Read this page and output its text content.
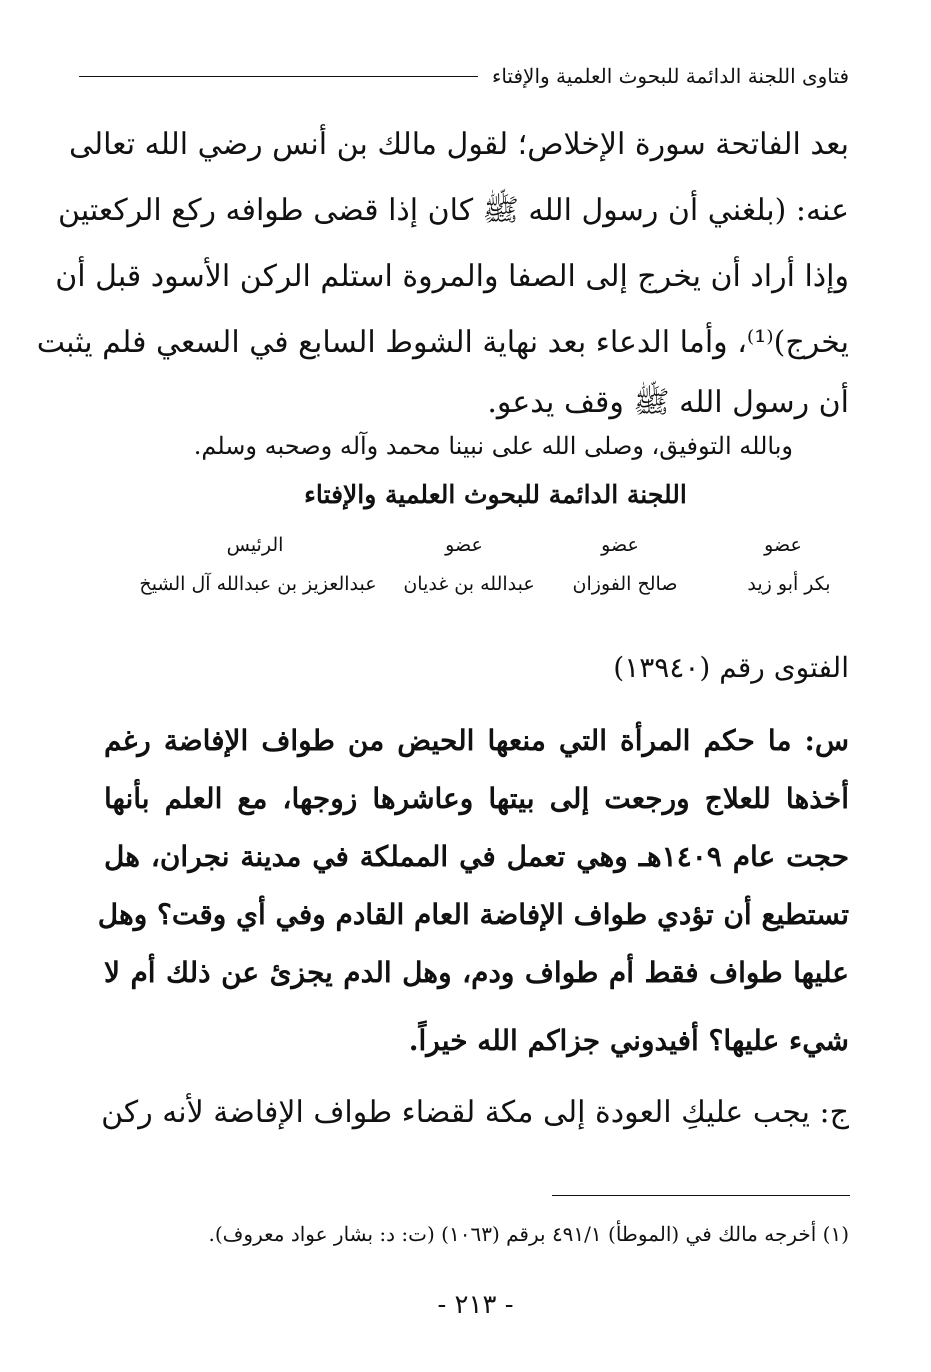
فتاوى اللجنة الدائمة للبحوث العلمية والإفتاء
بعد الفاتحة سورة الإخلاص؛ لقول مالك بن أنس رضي الله تعالى
عنه: (بلغني أن رسول الله ﷺ كان إذا قضى طوافه ركع الركعتين
وإذا أراد أن يخرج إلى الصفا والمروة استلم الركن الأسود قبل أن
يخرج)⁽¹⁾، وأما الدعاء بعد نهاية الشوط السابع في السعي فلم يثبت
أن رسول الله ﷺ وقف يدعو.
وبالله التوفيق، وصلى الله على نبينا محمد وآله وصحبه وسلم.
اللجنة الدائمة للبحوث العلمية والإفتاء
عضو
بكر أبو زيد
عضو
صالح الفوزان
عضو
عبدالله بن غديان
الرئيس
عبدالعزيز بن عبدالله آل الشيخ
الفتوى رقم (١٣٩٤٠)
س: ما حكم المرأة التي منعها الحيض من طواف الإفاضة رغم
أخذها للعلاج ورجعت إلى بيتها وعاشرها زوجها، مع العلم بأنها
حجت عام ١٤٠٩هـ وهي تعمل في المملكة في مدينة نجران، هل
تستطيع أن تؤدي طواف الإفاضة العام القادم وفي أي وقت؟ وهل
عليها طواف فقط أم طواف ودم، وهل الدم يجزئ عن ذلك أم لا
شيء عليها؟ أفيدوني جزاكم الله خيراً.
ج: يجب عليكِ العودة إلى مكة لقضاء طواف الإفاضة لأنه ركن
(١) أخرجه مالك في (الموطأ) ٤٩١/١ برقم (١٠٦٣) (ت: د: بشار عواد معروف).
- ٢١٣ -
